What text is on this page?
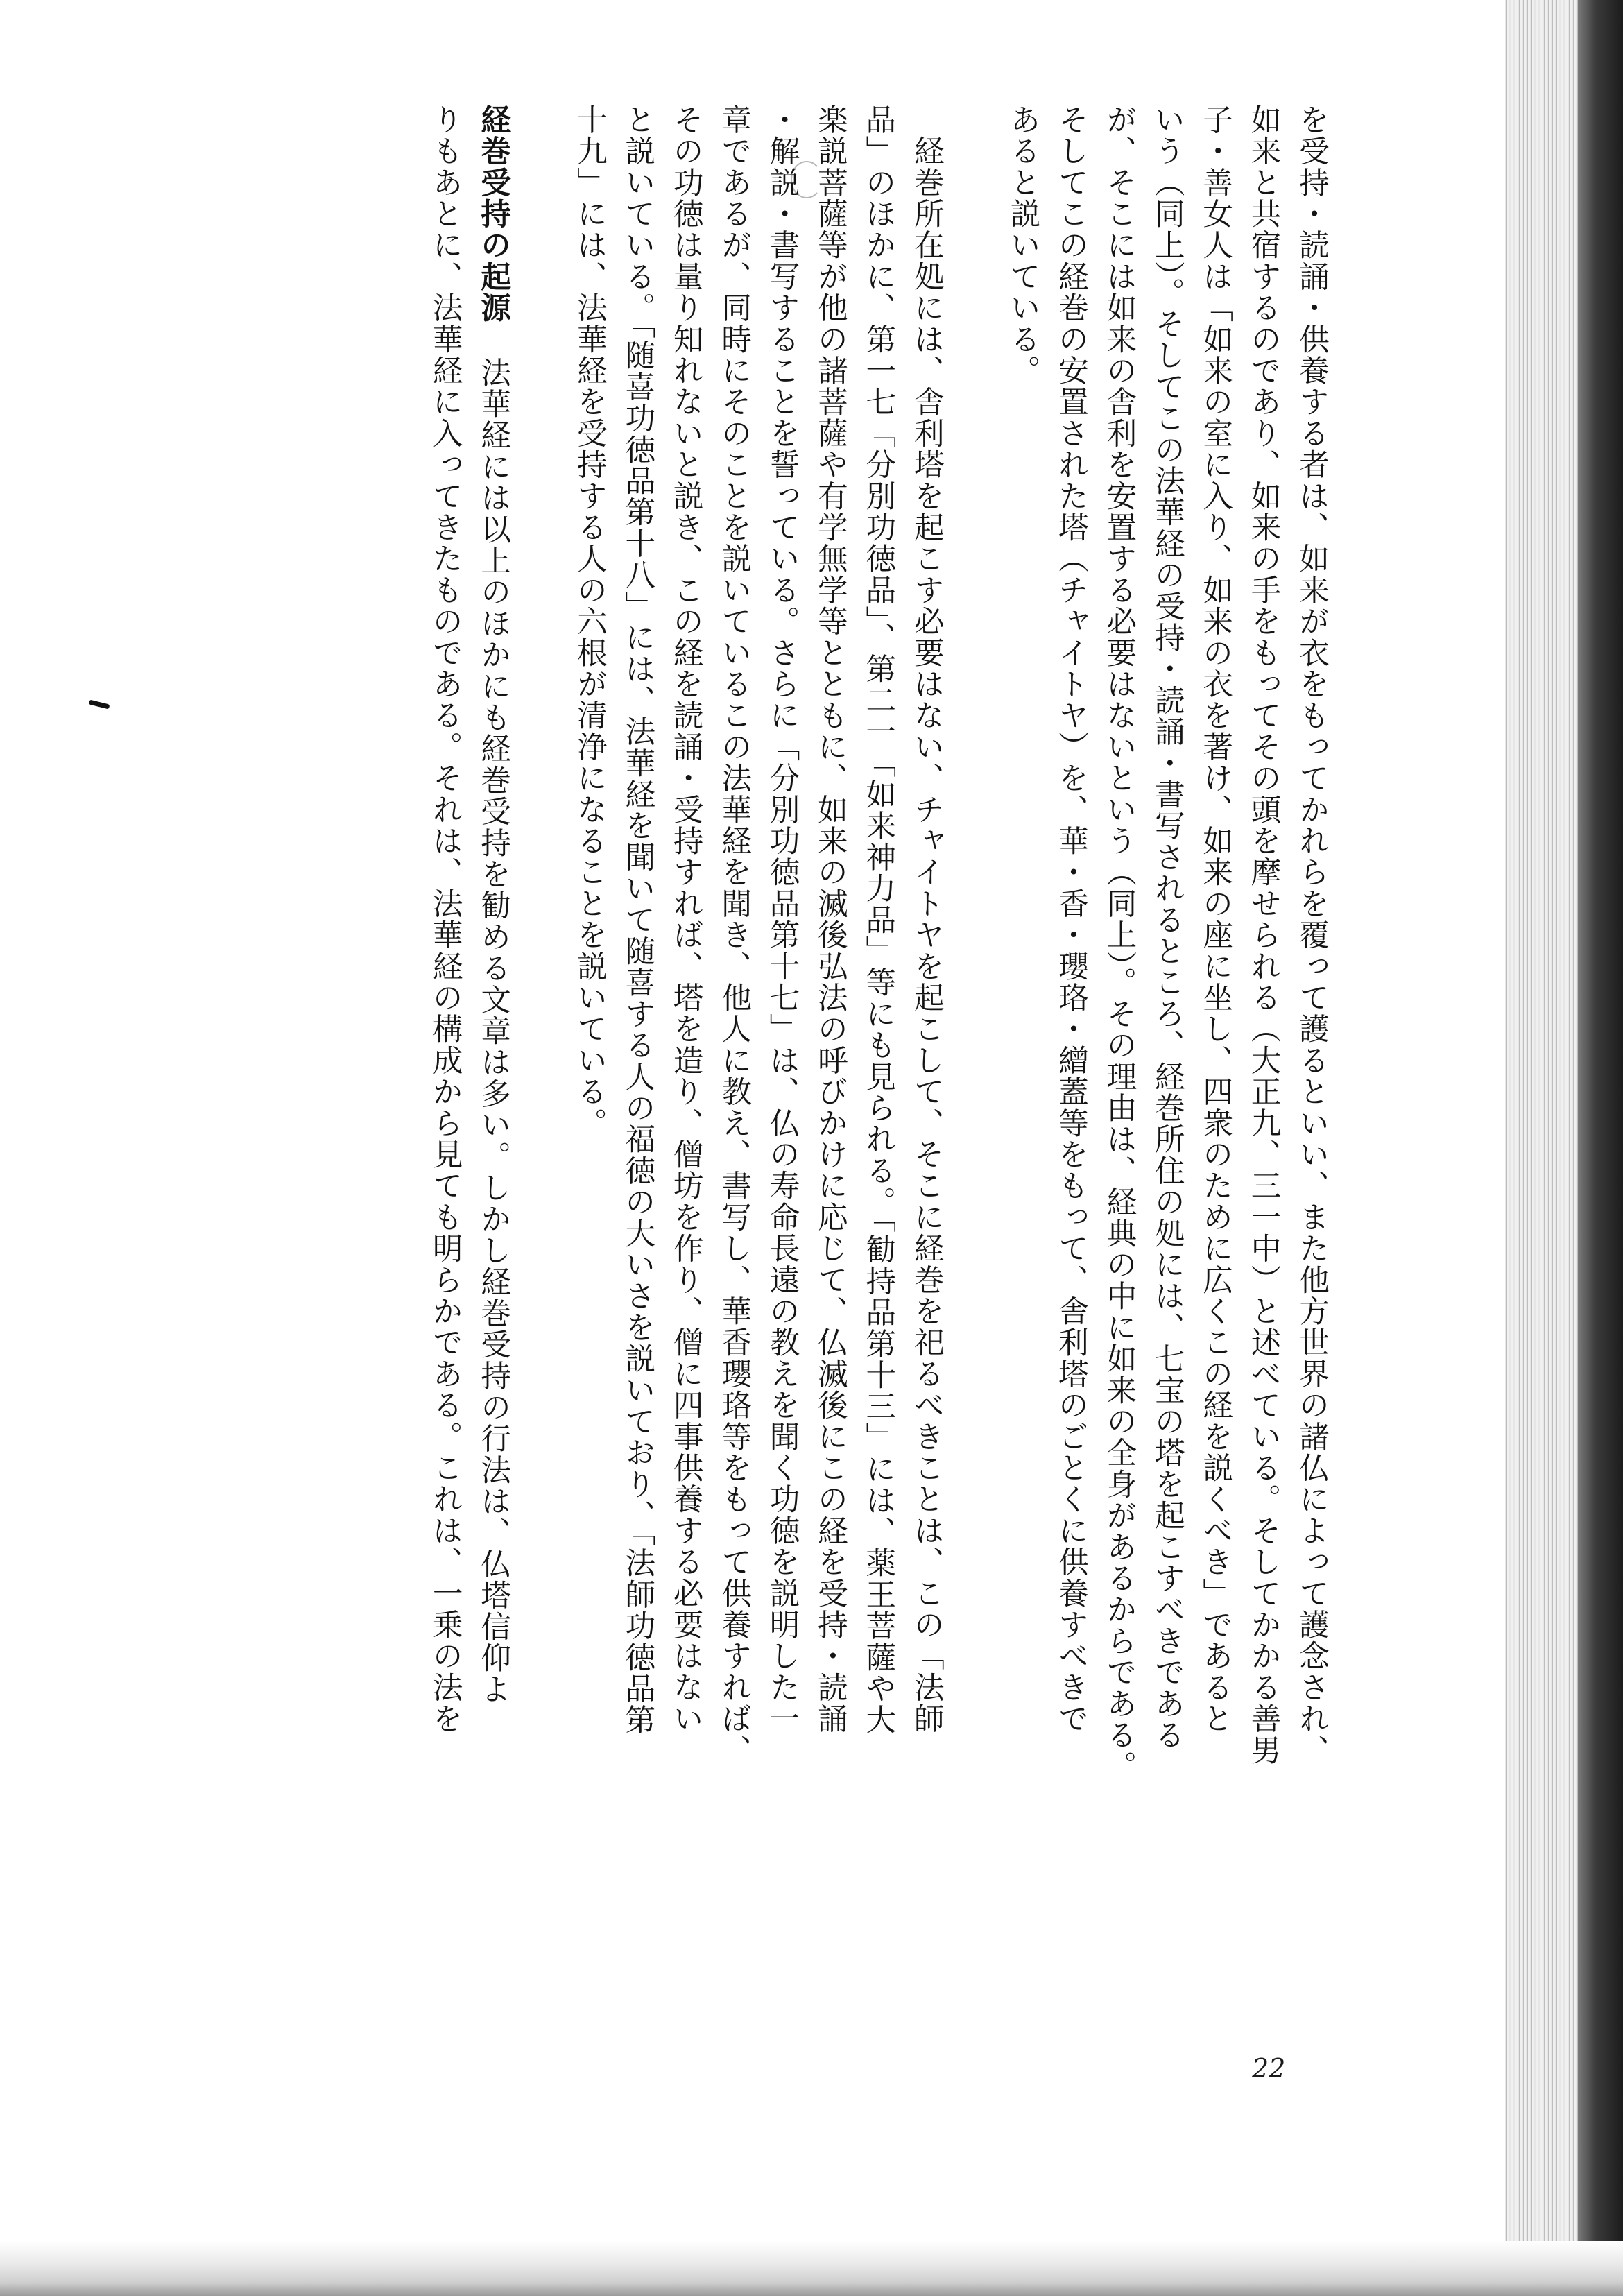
を受持・読誦・供養する者は、如来が衣をもってかれらを覆って護るといい、また他方世界の諸仏によって護念され、
如来と共宿するのであり、如来の手をもってその頭を摩せられる（大正九、三一中）と述べている。そしてかかる善男
子・善女人は「如来の室に入り、如来の衣を著け、如来の座に坐し、四衆のために広くこの経を説くべき」であると
いう（同上）。そしてこの法華経の受持・読誦・書写されるところ、経巻所住の処には、七宝の塔を起こすべきである
が、そこには如来の舎利を安置する必要はないという（同上）。その理由は、経典の中に如来の全身があるからである。
そしてこの経巻の安置された塔（チャイトヤ）を、華・香・瓔珞・繒蓋等をもって、舎利塔のごとくに供養すべきで
あると説いている。
　経巻所在処には、舎利塔を起こす必要はない、チャイトヤを起こして、そこに経巻を祀るべきことは、この「法師
品」のほかに、第一七「分別功徳品」、第二一「如来神力品」等にも見られる。「勧持品第十三」には、薬王菩薩や大
楽説菩薩等が他の諸菩薩や有学無学等とともに、如来の滅後弘法の呼びかけに応じて、仏滅後にこの経を受持・読誦
・解説・書写することを誓っている。さらに「分別功徳品第十七」は、仏の寿命長遠の教えを聞く功徳を説明した一
章であるが、同時にそのことを説いているこの法華経を聞き、他人に教え、書写し、華香瓔珞等をもって供養すれば、
その功徳は量り知れないと説き、この経を読誦・受持すれば、塔を造り、僧坊を作り、僧に四事供養する必要はない
と説いている。「随喜功徳品第十八」には、法華経を聞いて随喜する人の福徳の大いさを説いており、「法師功徳品第
十九」には、法華経を受持する人の六根が清浄になることを説いている。
経巻受持の起源法華経には以上のほかにも経巻受持を勧める文章は多い。しかし経巻受持の行法は、仏塔信仰よ
りもあとに、法華経に入ってきたものである。それは、法華経の構成から見ても明らかである。これは、一乗の法を
22
